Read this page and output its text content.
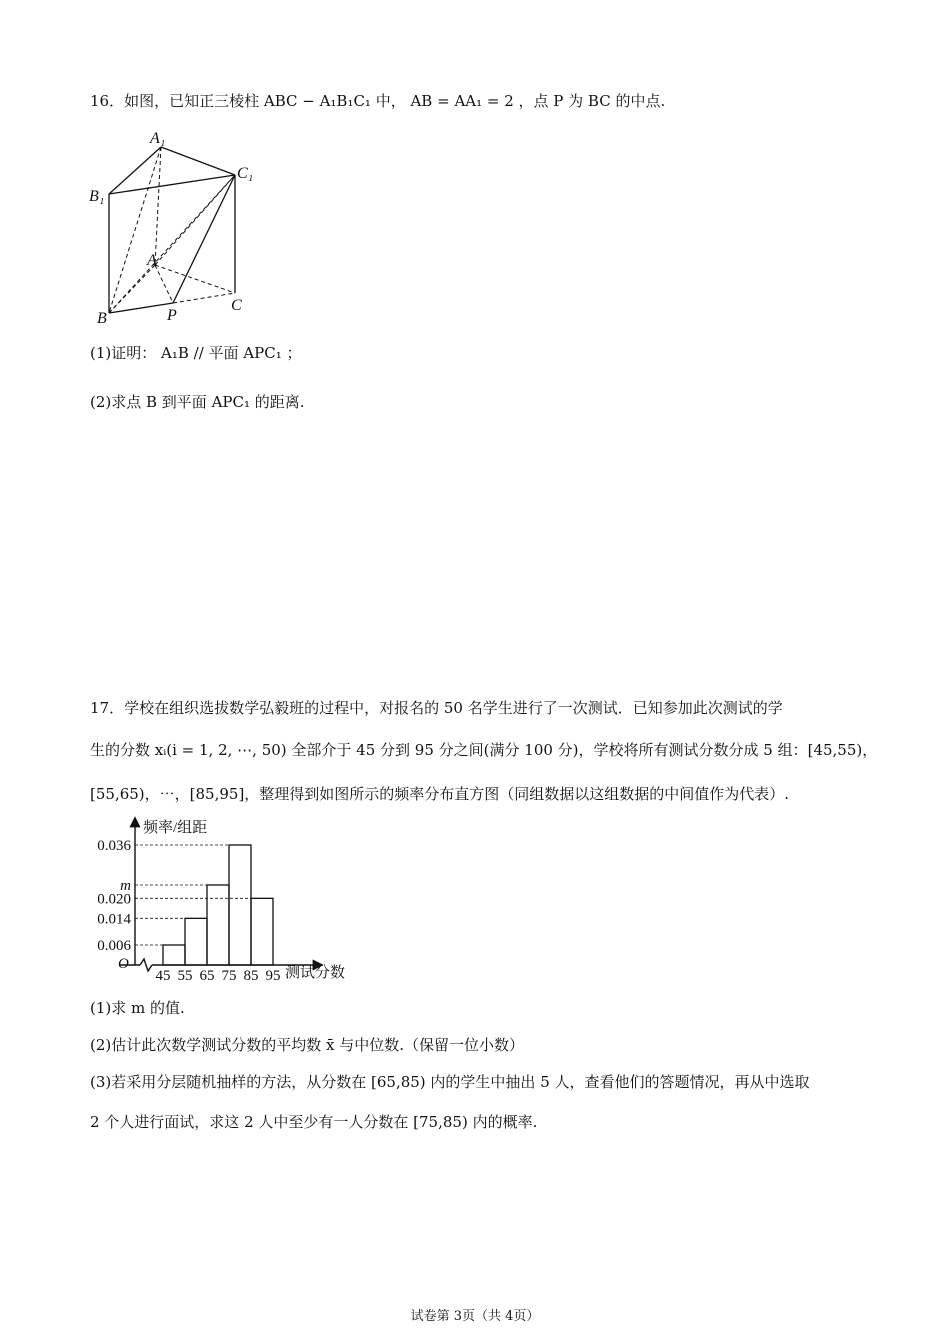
16．如图，已知正三棱柱 ABC − A₁B₁C₁ 中， AB = AA₁ = 2 ，点 P 为 BC 的中点.
A₁
C₁
B₁
A
C
P
B
(1)证明： A₁B // 平面 APC₁ ；
(2)求点 B 到平面 APC₁ 的距离.
17．学校在组织选拔数学弘毅班的过程中，对报名的 50 名学生进行了一次测试．已知参加此次测试的学
生的分数 xᵢ(i = 1, 2, ⋯, 50) 全部介于 45 分到 95 分之间(满分 100 分)，学校将所有测试分数分成 5 组：[45,55)，
[55,65)，⋯，[85,95]，整理得到如图所示的频率分布直方图（同组数据以这组数据的中间值作为代表）.
0.006
0.014
0.020
m
0.036
45 55 65 75 85 95
频率/组距
测试分数
O
(1)求 m 的值.
(2)估计此次数学测试分数的平均数 x̄ 与中位数.（保留一位小数）
(3)若采用分层随机抽样的方法，从分数在 [65,85) 内的学生中抽出 5 人，查看他们的答题情况，再从中选取
2 个人进行面试，求这 2 人中至少有一人分数在 [75,85) 内的概率.
试卷第 3页（共 4页）
